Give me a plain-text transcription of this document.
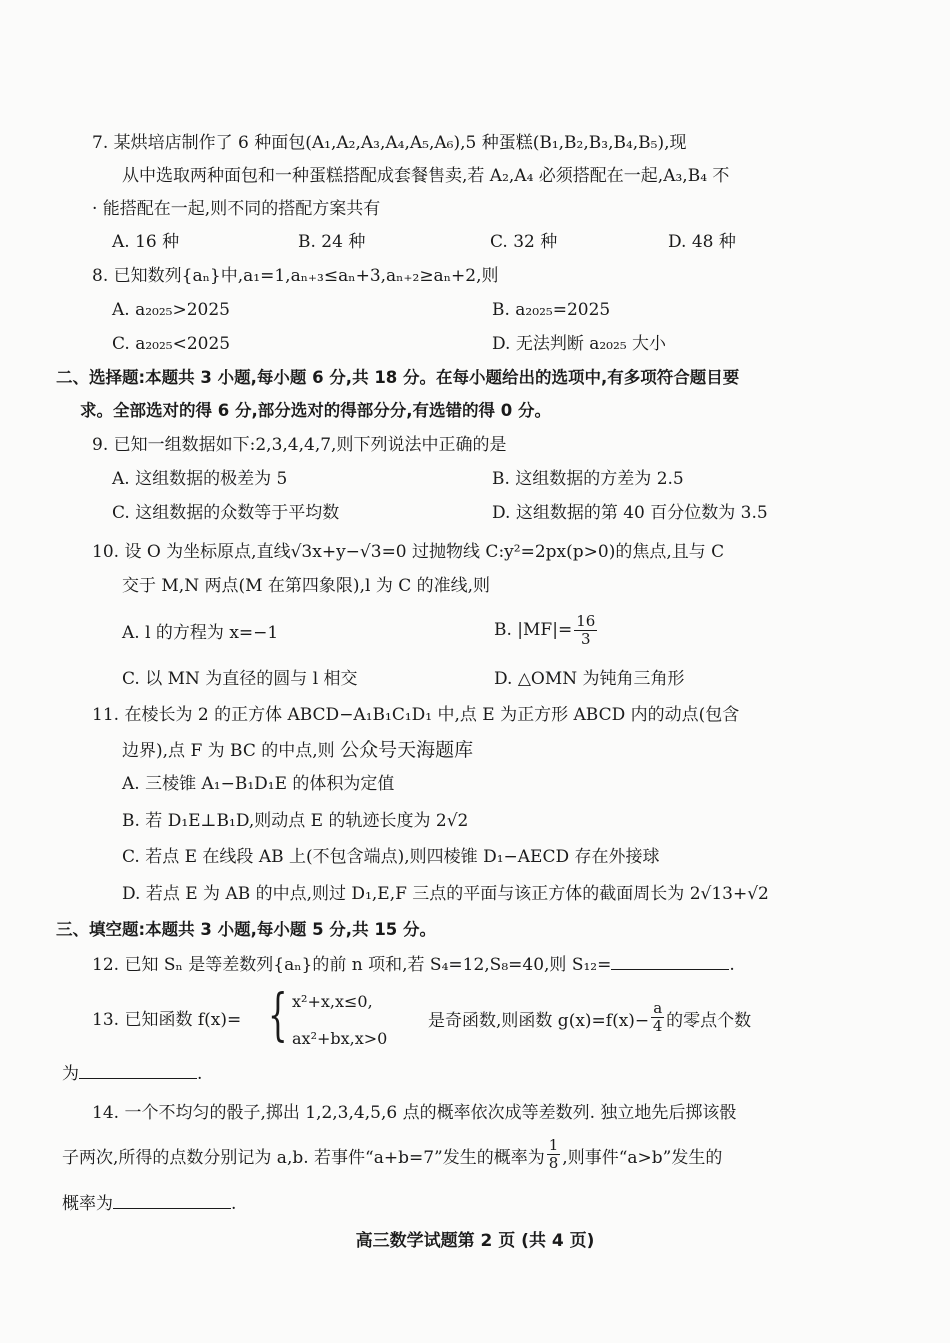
7. 某烘培店制作了 6 种面包(A₁,A₂,A₃,A₄,A₅,A₆),5 种蛋糕(B₁,B₂,B₃,B₄,B₅),现
从中选取两种面包和一种蛋糕搭配成套餐售卖,若 A₂,A₄ 必须搭配在一起,A₃,B₄ 不
· 能搭配在一起,则不同的搭配方案共有
A. 16 种	B. 24 种	C. 32 种	D. 48 种
8. 已知数列{aₙ}中,a₁=1,aₙ₊₃≤aₙ+3,aₙ₊₂≥aₙ+2,则
A. a₂₀₂₅>2025	B. a₂₀₂₅=2025
C. a₂₀₂₅<2025	D. 无法判断 a₂₀₂₅ 大小
二、选择题:本题共 3 小题,每小题 6 分,共 18 分。在每小题给出的选项中,有多项符合题目要
求。全部选对的得 6 分,部分选对的得部分分,有选错的得 0 分。
9. 已知一组数据如下:2,3,4,4,7,则下列说法中正确的是
A. 这组数据的极差为 5	B. 这组数据的方差为 2.5
C. 这组数据的众数等于平均数	D. 这组数据的第 40 百分位数为 3.5
10. 设 O 为坐标原点,直线√3x+y−√3=0 过抛物线 C:y²=2px(p>0)的焦点,且与 C
交于 M,N 两点(M 在第四象限),l 为 C 的准线,则
A. l 的方程为 x=−1	B. $|MF|= \frac{16}{3}$
C. 以 MN 为直径的圆与 l 相交	D. △OMN 为钝角三角形
11. 在棱长为 2 的正方体 ABCD−A₁B₁C₁D₁ 中,点 E 为正方形 ABCD 内的动点(包含
边界),点 F 为 BC 的中点,则 公众号天海题库
A. 三棱锥 A₁−B₁D₁E 的体积为定值
B. 若 D₁E⊥B₁D,则动点 E 的轨迹长度为 2√2
C. 若点 E 在线段 AB 上(不包含端点),则四棱锥 D₁−AECD 存在外接球
D. 若点 E 为 AB 的中点,则过 D₁,E,F 三点的平面与该正方体的截面周长为 2√13+√2
三、填空题:本题共 3 小题,每小题 5 分,共 15 分。
12. 已知 Sₙ 是等差数列{aₙ}的前 n 项和,若 S₄=12,S₈=40,则 S₁₂=	.
13. 已知函数 f(x)= { x²+x,x≤0,
ax²+bx,x>0
是奇函数,则函数 $g(x)=f(x)- \frac{a}{4}$ 的零点个数
为	.
14. 一个不均匀的骰子,掷出 1,2,3,4,5,6 点的概率依次成等差数列. 独立地先后掷该骰
子两次,所得的点数分别记为 a,b. 若事件“a+b=7”发生的概率为 $\frac{1}{8}$ ,则事件“a>b”发生的
概率为	.
高三数学试题第 2 页 (共 4 页)
